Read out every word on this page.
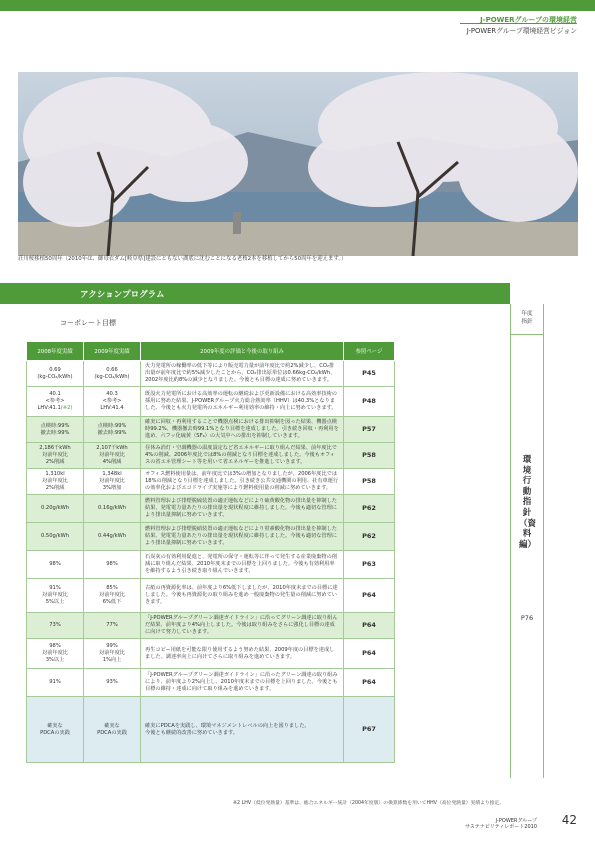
J-POWERグループの環境経営
J-POWERグループ環境経営ビジョン
荘川桜移植50周年（2010年は、御母衣ダム[岐阜県]建設にともない湖底に沈むことになる老桜2本を移植してから50周年を迎えます。）
アクションプログラム
コーポレート目標
年度
指針
環境行動指針（資料編）
P76
2008年度実績	2009年度実績	2009年度の評価と今後の取り組み	参照ページ	
0.69
(kg-CO₂/kWh)	0.66
(kg-CO₂/kWh)	火力発電所の稼働率の低下等により販売電力量が前年度比で約2%減少し、CO₂排出量が前年度比で約5%減少したことから、CO₂排出原単位は0.66kg-CO₂/kWh、2002年度比約8%の減少となりました。今後とも目標の達成に努めていきます。	P45	
40.1
<参考>
LHV:41.1(※2)	40.3
<参考>
LHV:41.4	既設火力発電所における高効率の運転の継続および更新設備における高効率技術の採用に努めた結果、J-POWERグループ火力総合熱効率（HHV）は40.3%となりました。今後とも火力発電所のエネルギー利用効率の維持・向上に努めていきます。	P48	
点検時:99%
撤去時:99%	点検時:99%
撤去時:99%	確実に回収・再利用することで機器点検における排出抑制を図った結果、機器点検時99.2%、機器撤去時99.1%となり目標を達成しました。引き続き回収・再利用を進め、六フッ化硫黄（SF₆）の大気中への排出を抑制していきます。	P57	
2,186千kWh
対前年度比
2%削減	2,107千kWh
対前年度比
4%削減	昼休み消灯・空調機器の温度設定など省エネルギーに取り組んだ結果、前年度比で4%の削減、2006年度比では8%の削減となり目標を達成しました。今後もオフィスの省エネ管理シート等を用いて省エネルギーを推進していきます。	P58	
1,310kl
対前年度比
2%削減	1,348kl
対前年度比
3%増加	オフィス燃料使用量は、前年度比では3%の増加となりましたが、2006年度比では18%の削減となり目標を達成しました。引き続き公共交通機関の利用、社有車運行の効率化およびエコドライブ実施等により燃料使用量の削減に努めていきます。	P58	
0.20g/kWh	0.16g/kWh	燃料管理および排煙脱硫装置の適正運転などにより硫黄酸化物の排出量を抑制した結果、発電電力量あたりの排出量を現状程度に維持しました。今後も適切な管理により排出量抑制に努めていきます。	P62	
0.50g/kWh	0.44g/kWh	燃料管理および排煙脱硝装置の適正運転などにより窒素酸化物の排出量を抑制した結果、発電電力量あたりの排出量を現状程度に維持しました。今後も適切な管理により排出量抑制に努めていきます。	P62	
98%	98%	石炭灰の有効利用促進と、発電所の保守・運転等に伴って発生する産業廃棄物の削減に取り組んだ結果、2010年度末までの目標を上回りました。今後も有効利用率を維持するよう引き続き取り組んでいきます。	P63	
91%
対前年度比
5%以上	85%
対前年度比
6%低下	古紙の再資源化率は、前年度より6%低下しましたが、2010年度末までの目標に達しました。今後も再資源化の取り組みを進め一般廃棄物の発生量の削減に努めていきます。	P64	
73%	77%	「J-POWERグループグリーン調達ガイドライン」に沿ってグリーン調達に取り組んだ結果、前年度より4%向上しました。今後は取り組みをさらに強化し目標の達成に向けて努力していきます。	P64	
98%
対前年度比
3%以上	99%
対前年度比
1%向上	再生コピー用紙を可能な限り使用するよう努めた結果、2009年度の目標を達成しました。調達率向上に向けてさらに取り組みを進めていきます。	P64	
91%	93%	「J-POWERグループグリーン調達ガイドライン」に沿ったグリーン調達の取り組みにより、前年度より2%向上し、2010年度末までの目標を上回りました。今後とも目標の維持・達成に向けて取り組みを進めていきます。	P64	
確実な
PDCAの実践	確実な
PDCAの実践	確実にPDCAを実践し、環境マネジメントレベルの向上を図りました。
今後とも継続的改善に努めていきます。	P67	
※2 LHV（低位発熱量）基準は、総合エネルギー統計（2004年度版）の換算係数を用いてHHV（高位発熱量）実績より推定。
J-POWERグループ
サステナビリティレポート2010
42
